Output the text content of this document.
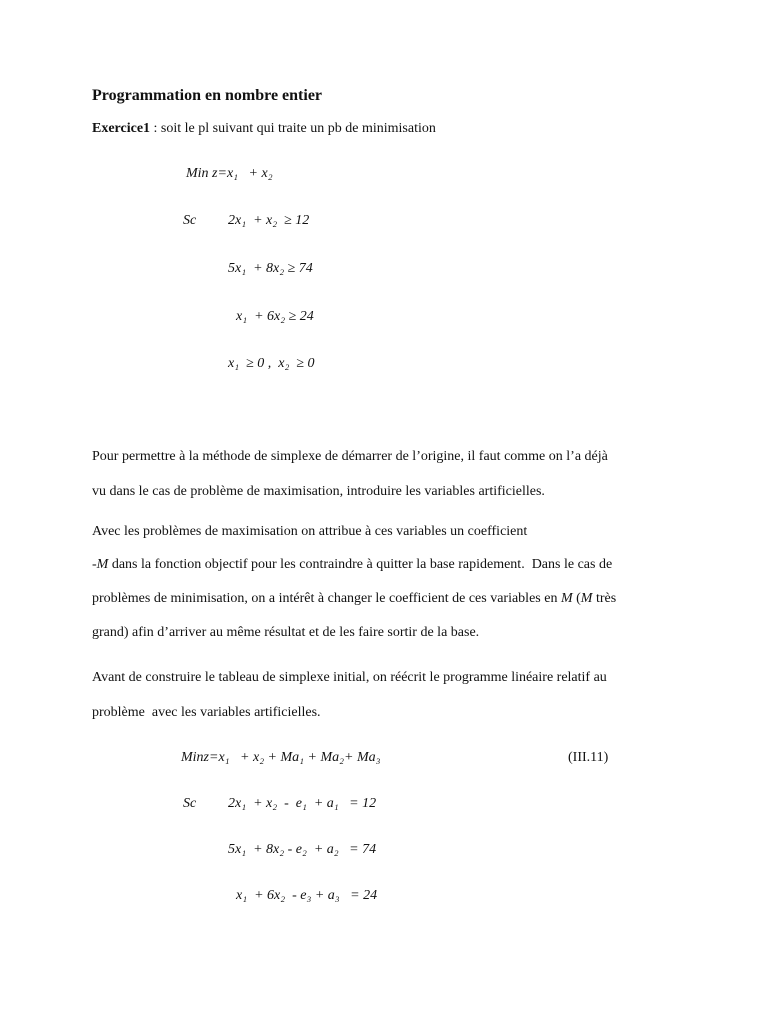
Programmation en nombre entier
Exercice1 : soit le pl suivant qui traite un pb de minimisation
Min z=x₁   + x₂
Sc 2x₁  + x₂  ≥ 12
5x₁  + 8x₂ ≥ 74
x₁  + 6x₂ ≥ 24
x₁  ≥ 0 ,  x₂  ≥ 0
Pour permettre à la méthode de simplexe de démarrer de l’origine, il faut comme on l’a déjà
vu dans le cas de problème de maximisation, introduire les variables artificielles.
Avec les problèmes de maximisation on attribue à ces variables un coefficient
-M dans la fonction objectif pour les contraindre à quitter la base rapidement.  Dans le cas de
problèmes de minimisation, on a intérêt à changer le coefficient de ces variables en M (M très
grand) afin d’arriver au même résultat et de les faire sortir de la base.
Avant de construire le tableau de simplexe initial, on réécrit le programme linéaire relatif au
problème  avec les variables artificielles.
Minz=x₁   + x₂ + Ma₁ + Ma₂+ Ma₃	(III.11)
Sc 2x₁  + x₂  -  e₁  + a₁   = 12
5x₁  + 8x₂ - e₂  + a₂   = 74
x₁  + 6x₂  - e₃ + a₃   = 24
